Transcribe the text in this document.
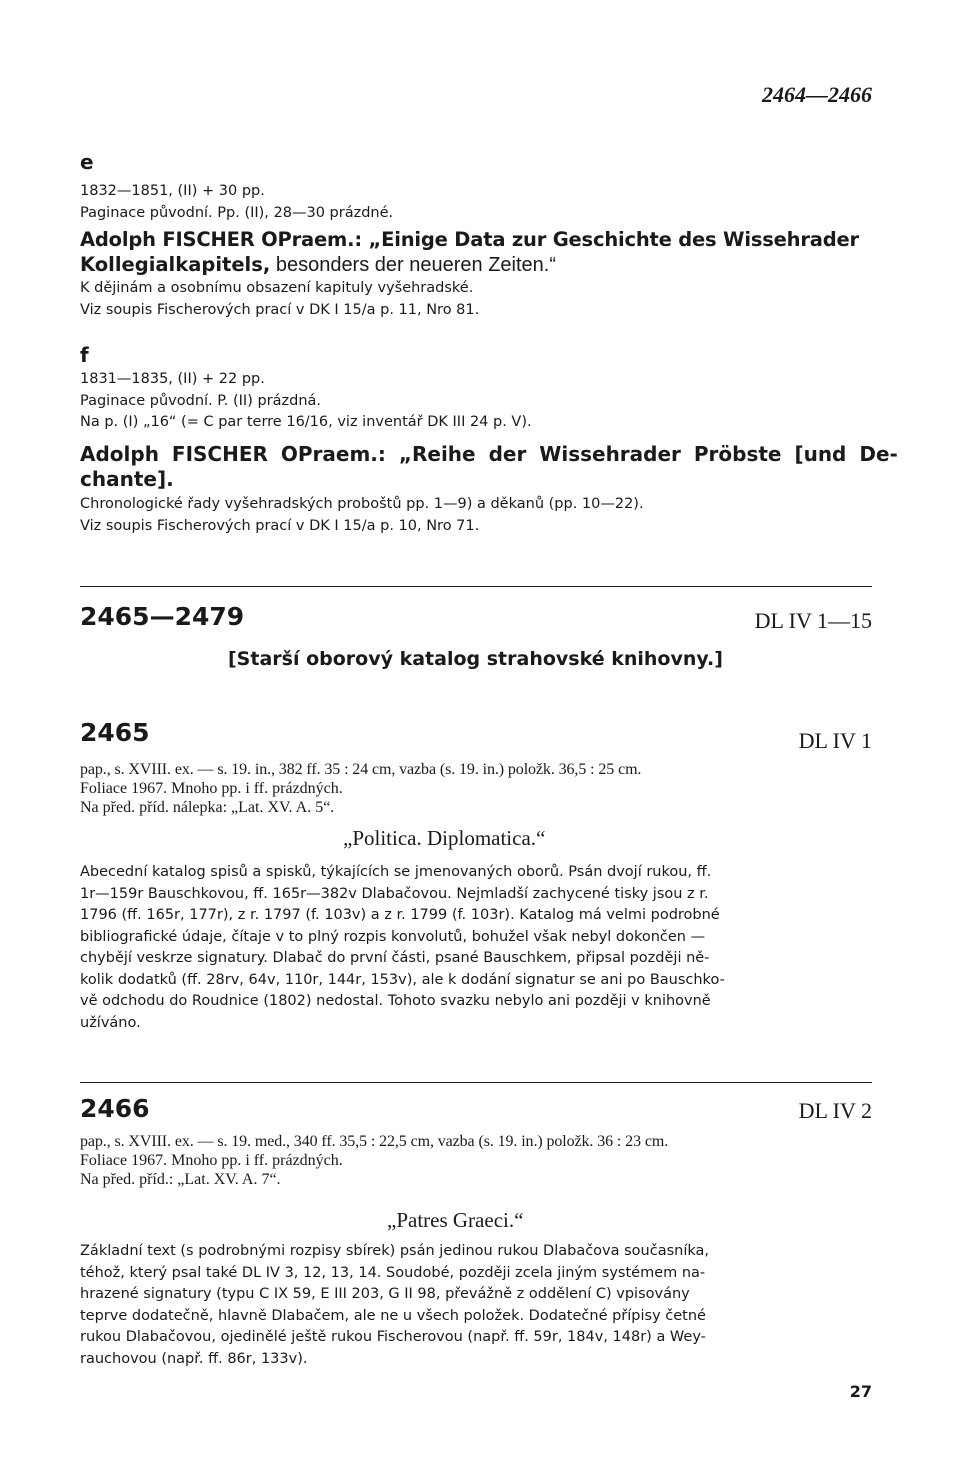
2464—2466
e
1832—1851, (II) + 30 pp.
Paginace původní. Pp. (II), 28—30 prázdné.
Adolph FISCHER OPraem.: „Einige Data zur Geschichte des Wissehrader
Kollegialkapitels, besonders der neueren Zeiten.“
K dějinám a osobnímu obsazení kapituly vyšehradské.
Viz soupis Fischerových prací v DK I 15/a p. 11, Nro 81.
f
1831—1835, (II) + 22 pp.
Paginace původní. P. (II) prázdná.
Na p. (I) „16“ (= C par terre 16/16, viz inventář DK III 24 p. V).
Adolph FISCHER OPraem.: „Reihe der Wissehrader Pröbste [und De-
chante].
Chronologické řady vyšehradských proboštů pp. 1—9) a děkanů (pp. 10—22).
Viz soupis Fischerových prací v DK I 15/a p. 10, Nro 71.
2465—2479	DL IV 1—15
[Starší oborový katalog strahovské knihovny.]
2465	DL IV 1
pap., s. XVIII. ex. — s. 19. in., 382 ff. 35 : 24 cm, vazba (s. 19. in.) položk. 36,5 : 25 cm.
Foliace 1967. Mnoho pp. i ff. prázdných.
Na před. příd. nálepka: „Lat. XV. A. 5“.
„Politica. Diplomatica.“
Abecední katalog spisů a spisků, týkajících se jmenovaných oborů. Psán dvojí rukou, ff.
1r—159r Bauschkovou, ff. 165r—382v Dlabačovou. Nejmladší zachycené tisky jsou z r.
1796 (ff. 165r, 177r), z r. 1797 (f. 103v) a z r. 1799 (f. 103r). Katalog má velmi podrobné
bibliografické údaje, čítaje v to plný rozpis konvolutů, bohužel však nebyl dokončen —
chybějí veskrze signatury. Dlabač do první části, psané Bauschkem, připsal později ně-
kolik dodatků (ff. 28rv, 64v, 110r, 144r, 153v), ale k dodání signatur se ani po Bauschko-
vě odchodu do Roudnice (1802) nedostal. Tohoto svazku nebylo ani později v knihovně
užíváno.
2466	DL IV 2
pap., s. XVIII. ex. — s. 19. med., 340 ff. 35,5 : 22,5 cm, vazba (s. 19. in.) položk. 36 : 23 cm.
Foliace 1967. Mnoho pp. i ff. prázdných.
Na před. příd.: „Lat. XV. A. 7“.
„Patres Graeci.“
Základní text (s podrobnými rozpisy sbírek) psán jedinou rukou Dlabačova současníka,
téhož, který psal také DL IV 3, 12, 13, 14. Soudobé, později zcela jiným systémem na-
hrazené signatury (typu C IX 59, E III 203, G II 98, převážně z oddělení C) vpisovány
teprve dodatečně, hlavně Dlabačem, ale ne u všech položek. Dodatečné přípisy četné
rukou Dlabačovou, ojedinělé ještě rukou Fischerovou (např. ff. 59r, 184v, 148r) a Wey-
rauchovou (např. ff. 86r, 133v).
27
